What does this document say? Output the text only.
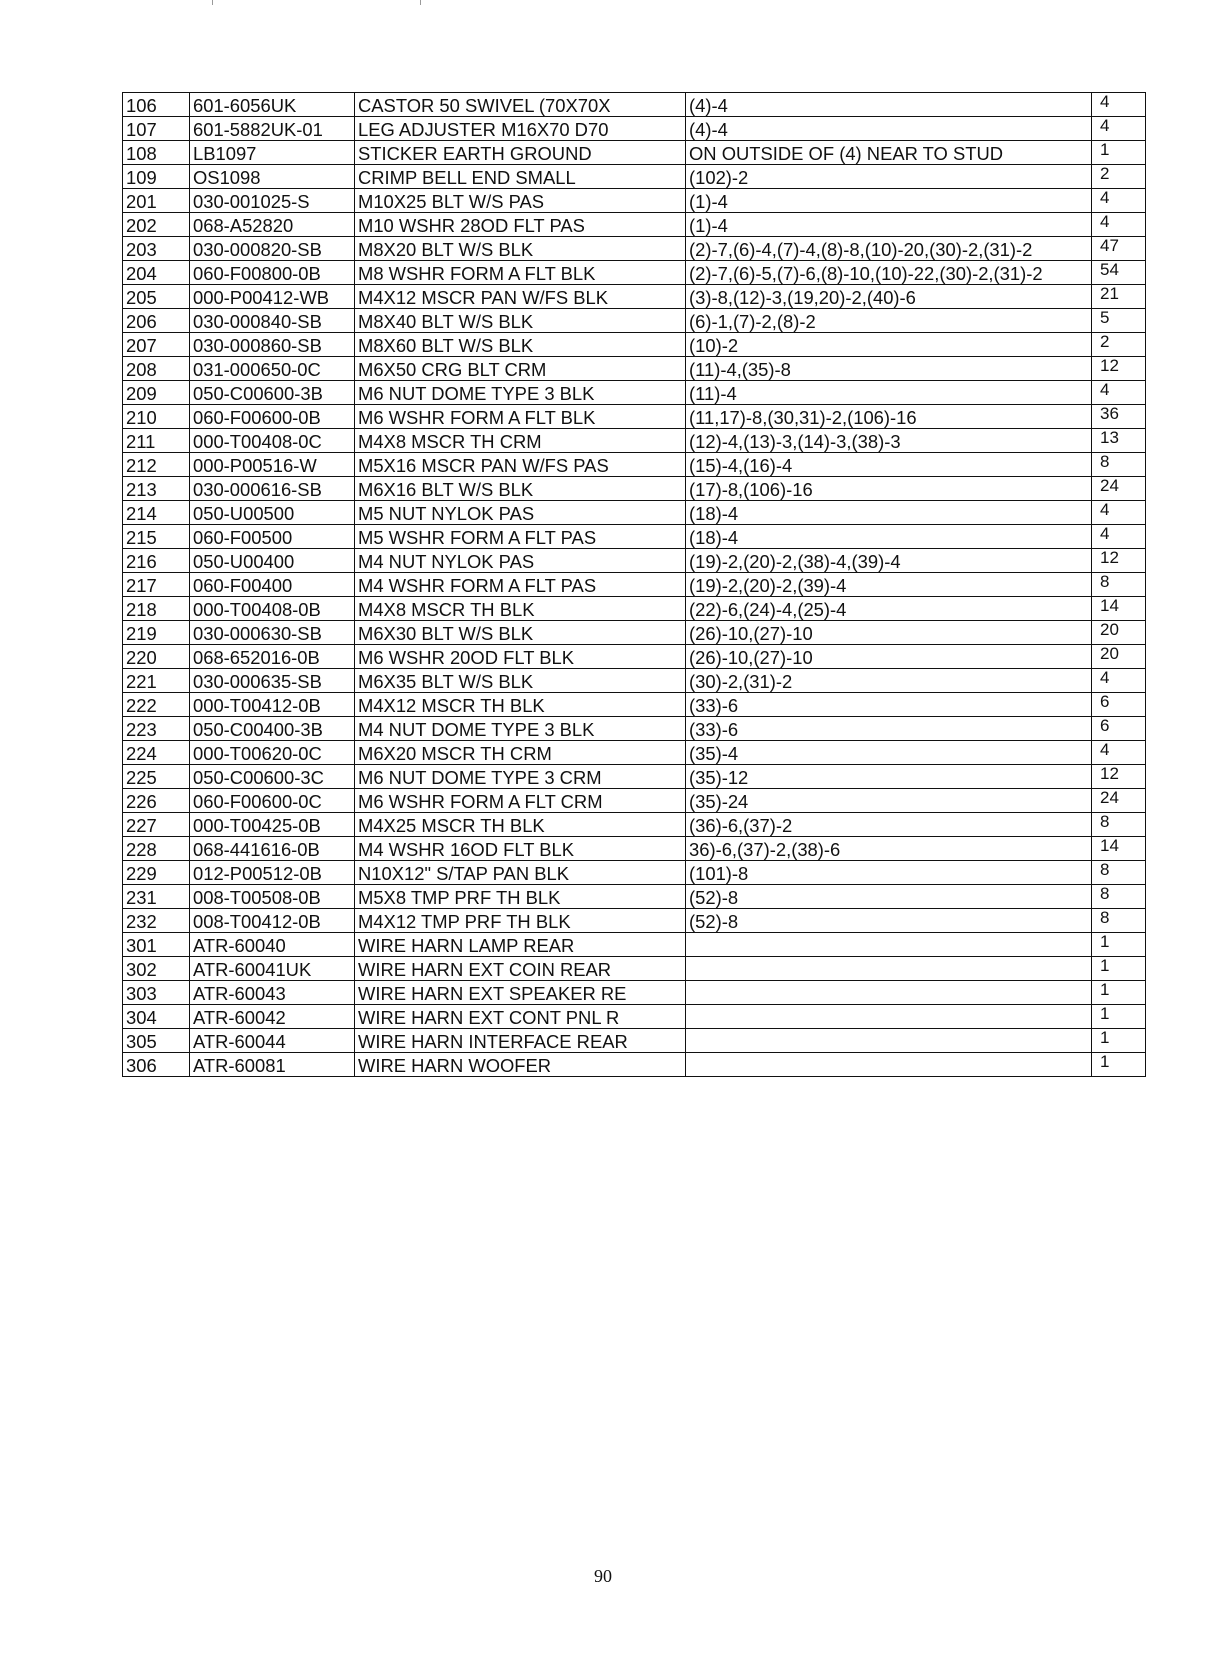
106	601-6056UK	CASTOR 50 SWIVEL (70X70X	(4)-4	4
107	601-5882UK-01	LEG ADJUSTER M16X70 D70	(4)-4	4
108	LB1097	STICKER EARTH GROUND	ON OUTSIDE OF (4) NEAR TO STUD	1
109	OS1098	CRIMP BELL END SMALL	(102)-2	2
201	030-001025-S	M10X25 BLT W/S PAS	(1)-4	4
202	068-A52820	M10 WSHR 28OD FLT PAS	(1)-4	4
203	030-000820-SB	M8X20 BLT W/S BLK	(2)-7,(6)-4,(7)-4,(8)-8,(10)-20,(30)-2,(31)-2	47
204	060-F00800-0B	M8 WSHR FORM A FLT BLK	(2)-7,(6)-5,(7)-6,(8)-10,(10)-22,(30)-2,(31)-2	54
205	000-P00412-WB	M4X12 MSCR PAN W/FS BLK	(3)-8,(12)-3,(19,20)-2,(40)-6	21
206	030-000840-SB	M8X40 BLT W/S BLK	(6)-1,(7)-2,(8)-2	5
207	030-000860-SB	M8X60 BLT W/S BLK	(10)-2	2
208	031-000650-0C	M6X50 CRG BLT CRM	(11)-4,(35)-8	12
209	050-C00600-3B	M6 NUT DOME TYPE 3 BLK	(11)-4	4
210	060-F00600-0B	M6 WSHR FORM A FLT BLK	(11,17)-8,(30,31)-2,(106)-16	36
211	000-T00408-0C	M4X8 MSCR TH CRM	(12)-4,(13)-3,(14)-3,(38)-3	13
212	000-P00516-W	M5X16 MSCR PAN W/FS PAS	(15)-4,(16)-4	8
213	030-000616-SB	M6X16 BLT W/S BLK	(17)-8,(106)-16	24
214	050-U00500	M5 NUT NYLOK PAS	(18)-4	4
215	060-F00500	M5 WSHR FORM A FLT PAS	(18)-4	4
216	050-U00400	M4 NUT NYLOK PAS	(19)-2,(20)-2,(38)-4,(39)-4	12
217	060-F00400	M4 WSHR FORM A FLT PAS	(19)-2,(20)-2,(39)-4	8
218	000-T00408-0B	M4X8 MSCR TH BLK	(22)-6,(24)-4,(25)-4	14
219	030-000630-SB	M6X30 BLT W/S BLK	(26)-10,(27)-10	20
220	068-652016-0B	M6 WSHR 20OD FLT BLK	(26)-10,(27)-10	20
221	030-000635-SB	M6X35 BLT W/S BLK	(30)-2,(31)-2	4
222	000-T00412-0B	M4X12 MSCR TH BLK	(33)-6	6
223	050-C00400-3B	M4 NUT DOME TYPE 3 BLK	(33)-6	6
224	000-T00620-0C	M6X20 MSCR TH CRM	(35)-4	4
225	050-C00600-3C	M6 NUT DOME TYPE 3 CRM	(35)-12	12
226	060-F00600-0C	M6 WSHR FORM A FLT CRM	(35)-24	24
227	000-T00425-0B	M4X25 MSCR TH BLK	(36)-6,(37)-2	8
228	068-441616-0B	M4 WSHR 16OD FLT BLK	36)-6,(37)-2,(38)-6	14
229	012-P00512-0B	N10X12" S/TAP PAN BLK	(101)-8	8
231	008-T00508-0B	M5X8 TMP PRF TH BLK	(52)-8	8
232	008-T00412-0B	M4X12 TMP PRF TH BLK	(52)-8	8
301	ATR-60040	WIRE HARN LAMP REAR		1
302	ATR-60041UK	WIRE HARN EXT COIN REAR		1
303	ATR-60043	WIRE HARN EXT SPEAKER RE		1
304	ATR-60042	WIRE HARN EXT CONT PNL R		1
305	ATR-60044	WIRE HARN INTERFACE REAR		1
306	ATR-60081	WIRE HARN WOOFER		1
90
